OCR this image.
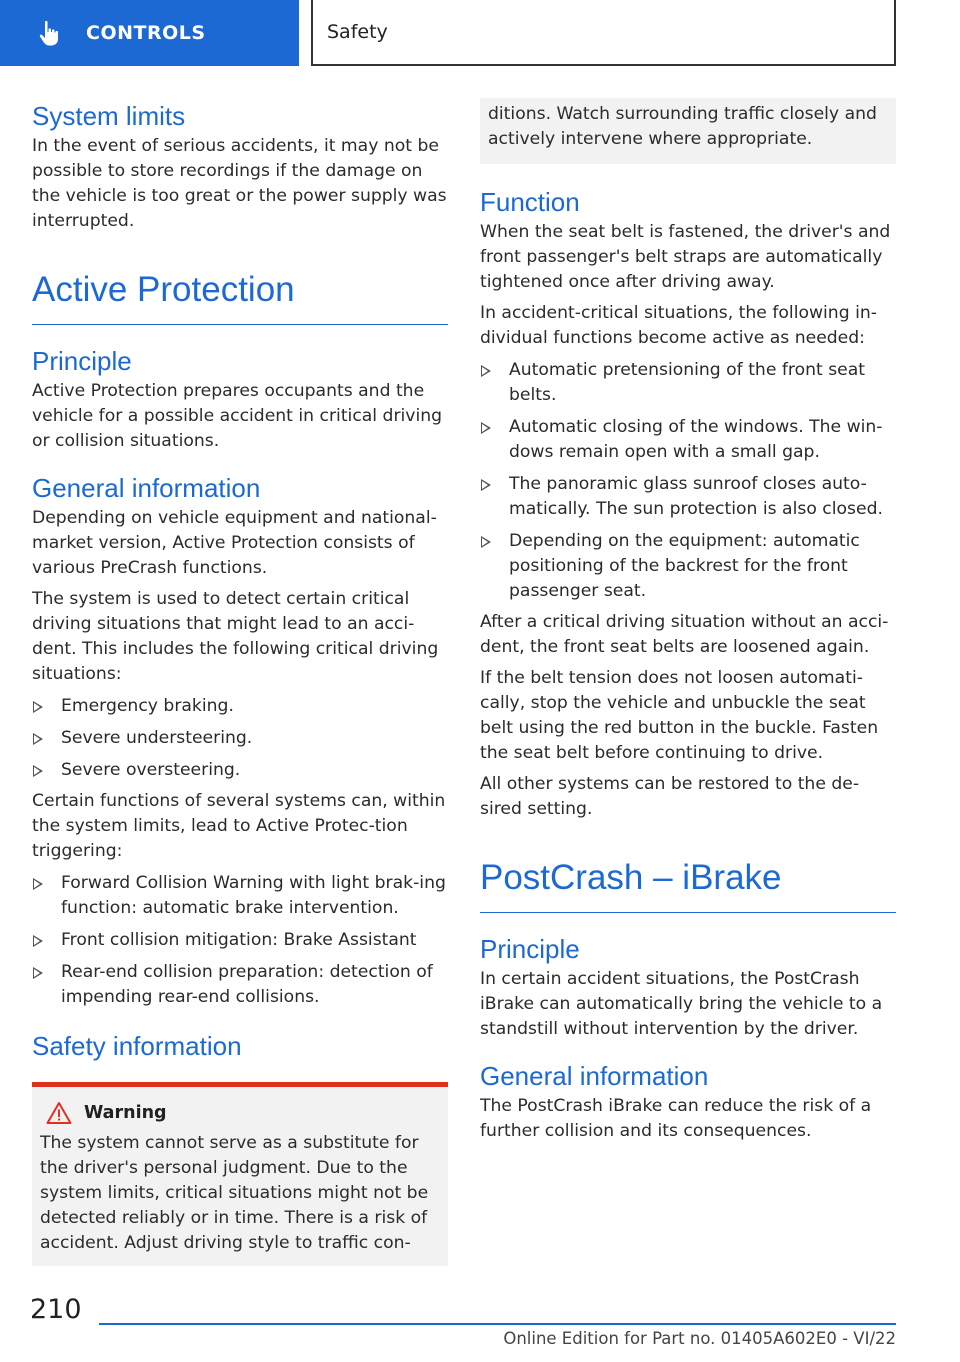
CONTROLS	Safety
System limits

In the event of serious accidents, it may not be possible to store recordings if the damage on the vehicle is too great or the power supply was interrupted.

Active Protection
Principle

Active Protection prepares occupants and the vehicle for a possible accident in critical driving or collision situations.

General information

Depending on vehicle equipment and national-market version, Active Protection consists of various PreCrash functions.

The system is used to detect certain critical driving situations that might lead to an acci-dent. This includes the following critical driving situations:

Emergency braking.
Severe understeering.
Severe oversteering.

Certain functions of several systems can, within the system limits, lead to Active Protec-tion triggering:

Forward Collision Warning with light brak-ing function: automatic brake intervention.
Front collision mitigation: Brake Assistant
Rear-end collision preparation: detection of impending rear-end collisions.
Safety information
Warning

The system cannot serve as a substitute for the driver's personal judgment. Due to the system limits, critical situations might not be detected reliably or in time. There is a risk of accident. Adjust driving style to traffic con-

ditions. Watch surrounding traffic closely and actively intervene where appropriate.

Function

When the seat belt is fastened, the driver's and front passenger's belt straps are automatically tightened once after driving away.

In accident-critical situations, the following in-dividual functions become active as needed:

Automatic pretensioning of the front seat belts.
Automatic closing of the windows. The win-dows remain open with a small gap.
The panoramic glass sunroof closes auto-matically. The sun protection is also closed.
Depending on the equipment: automatic positioning of the backrest for the front passenger seat.

After a critical driving situation without an acci-dent, the front seat belts are loosened again.

If the belt tension does not loosen automati-cally, stop the vehicle and unbuckle the seat belt using the red button in the buckle. Fasten the seat belt before continuing to drive.

All other systems can be restored to the de-sired setting.

PostCrash – iBrake
Principle

In certain accident situations, the PostCrash iBrake can automatically bring the vehicle to a standstill without intervention by the driver.

General information

The PostCrash iBrake can reduce the risk of a further collision and its consequences.

210
Online Edition for Part no. 01405A602E0 - VI/22
